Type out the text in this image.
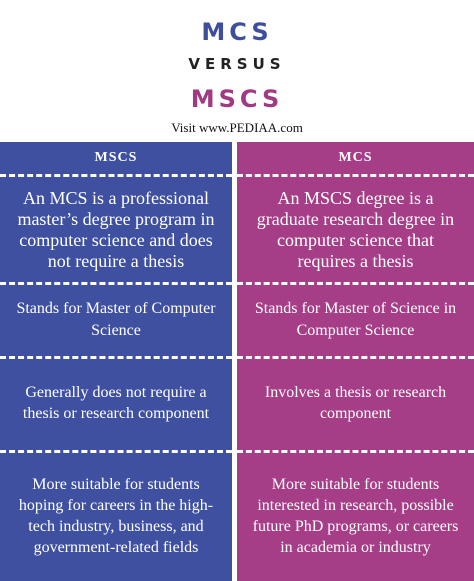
MCS
VERSUS
MSCS
Visit www.PEDIAA.com
MSCS
An MCS is a professional master’s degree program in computer science and does not require a thesis
Stands for Master of Computer Science
Generally does not require a thesis or research component
More suitable for students hoping for careers in the high-tech industry, business, and government-related fields
MCS
An MSCS degree is a graduate research degree in computer science that requires a thesis
Stands for Master of Science in Computer Science
Involves a thesis or research component
More suitable for students interested in research, possible future PhD programs, or careers in academia or industry
